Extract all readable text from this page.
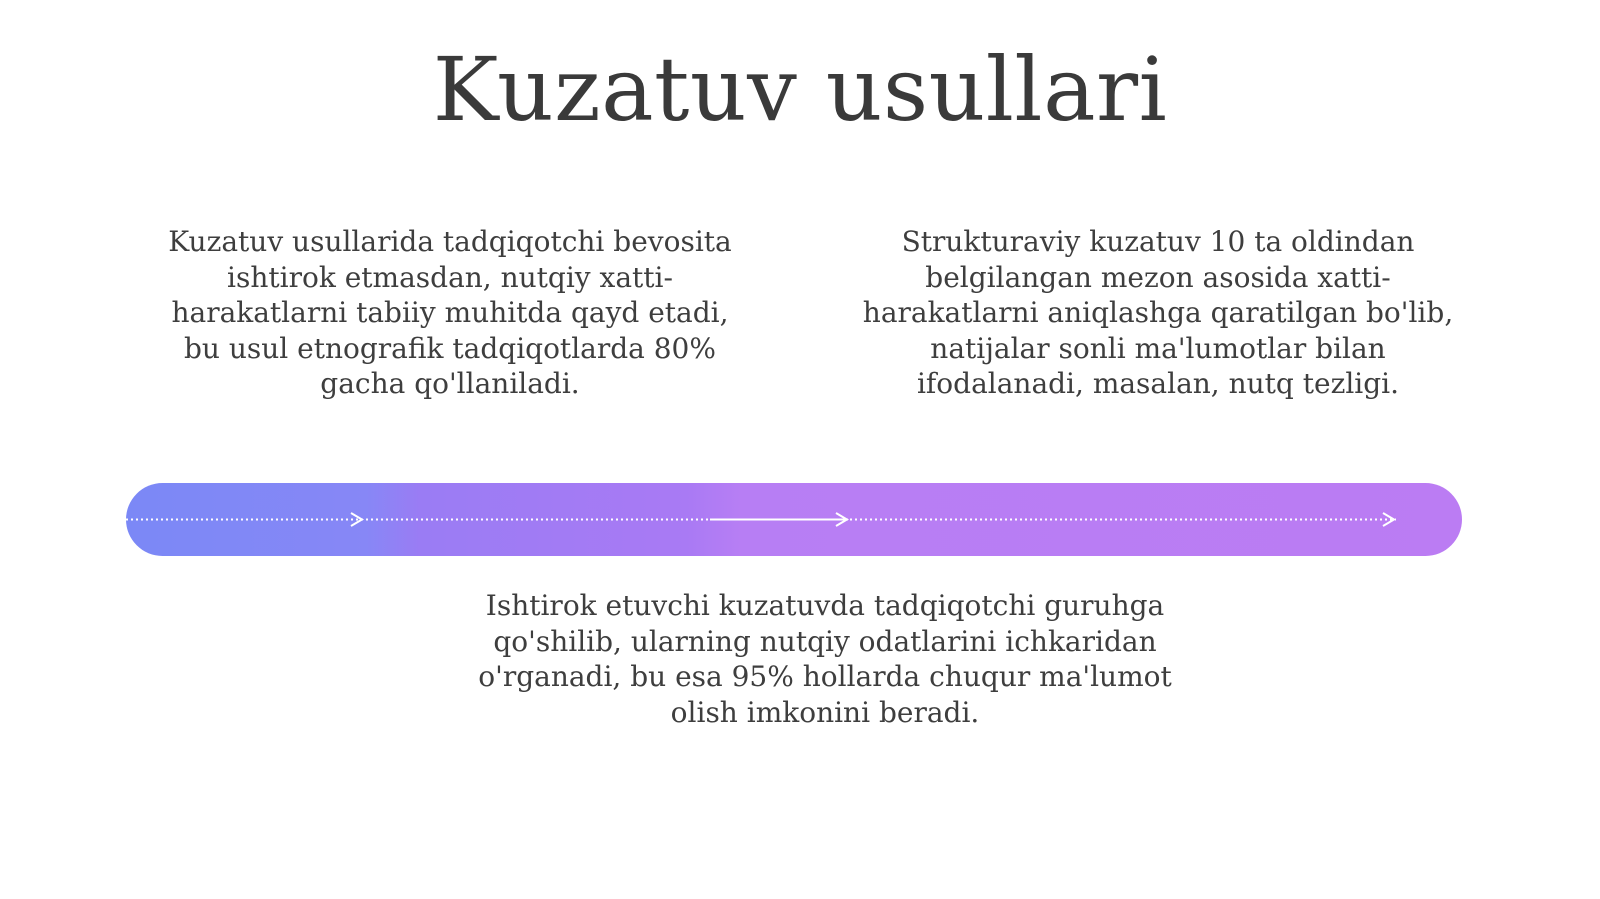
Kuzatuv usullari

Kuzatuv usullarida tadqiqotchi bevosita ishtirok etmasdan, nutqiy xatti-harakatlarni tabiiy muhitda qayd etadi, bu usul etnografik tadqiqotlarda 80% gacha qo'llaniladi.

Strukturaviy kuzatuv 10 ta oldindan belgilangan mezon asosida xatti-harakatlarni aniqlashga qaratilgan bo'lib, natijalar sonli ma'lumotlar bilan ifodalanadi, masalan, nutq tezligi.

Ishtirok etuvchi kuzatuvda tadqiqotchi guruhga qo'shilib, ularning nutqiy odatlarini ichkaridan o'rganadi, bu esa 95% hollarda chuqur ma'lumot olish imkonini beradi.
